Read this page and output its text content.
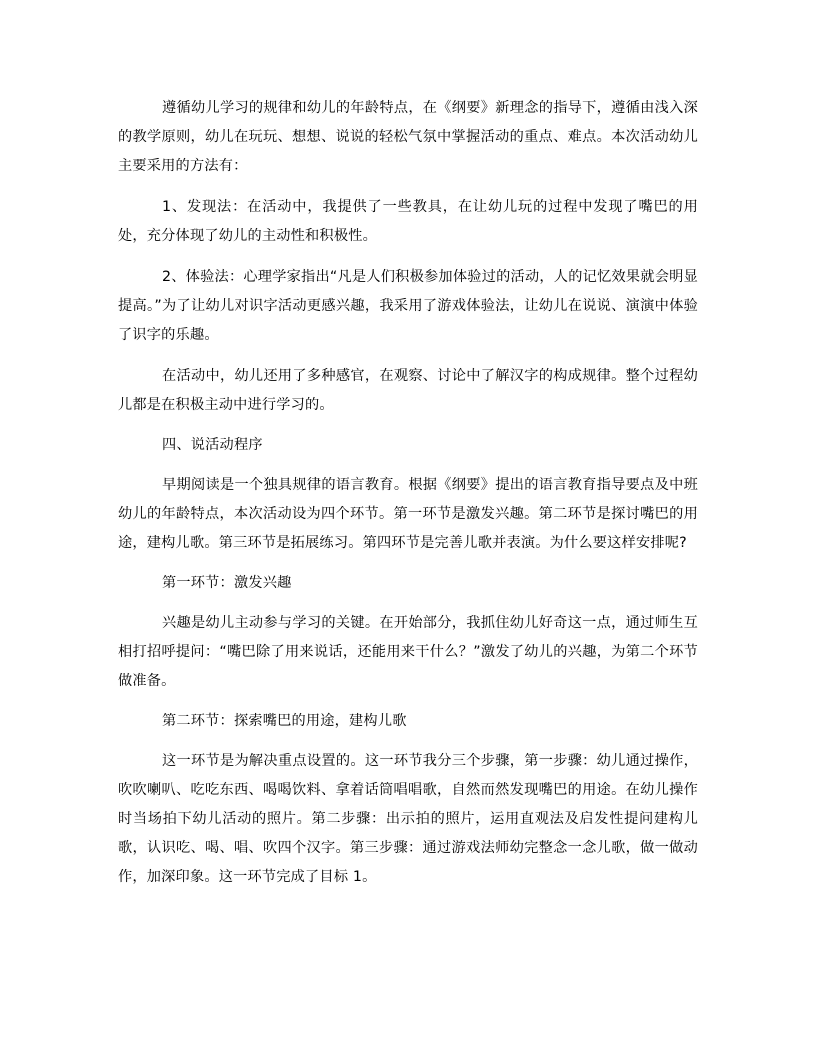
遵循幼儿学习的规律和幼儿的年龄特点，在《纲要》新理念的指导下，遵循由浅入深的教学原则，幼儿在玩玩、想想、说说的轻松气氛中掌握活动的重点、难点。本次活动幼儿主要采用的方法有：

1、发现法：在活动中，我提供了一些教具，在让幼儿玩的过程中发现了嘴巴的用处，充分体现了幼儿的主动性和积极性。

2、体验法：心理学家指出“凡是人们积极参加体验过的活动，人的记忆效果就会明显提高。”为了让幼儿对识字活动更感兴趣，我采用了游戏体验法，让幼儿在说说、演演中体验了识字的乐趣。

在活动中，幼儿还用了多种感官，在观察、讨论中了解汉字的构成规律。整个过程幼儿都是在积极主动中进行学习的。

四、说活动程序

早期阅读是一个独具规律的语言教育。根据《纲要》提出的语言教育指导要点及中班幼儿的年龄特点，本次活动设为四个环节。第一环节是激发兴趣。第二环节是探讨嘴巴的用途，建构儿歌。第三环节是拓展练习。第四环节是完善儿歌并表演。为什么要这样安排呢?

第一环节：激发兴趣

兴趣是幼儿主动参与学习的关键。在开始部分，我抓住幼儿好奇这一点，通过师生互相打招呼提问：“嘴巴除了用来说话，还能用来干什么？”激发了幼儿的兴趣，为第二个环节做准备。

第二环节：探索嘴巴的用途，建构儿歌

这一环节是为解决重点设置的。这一环节我分三个步骤，第一步骤：幼儿通过操作，吹吹喇叭、吃吃东西、喝喝饮料、拿着话筒唱唱歌，自然而然发现嘴巴的用途。在幼儿操作时当场拍下幼儿活动的照片。第二步骤：出示拍的照片，运用直观法及启发性提问建构儿歌，认识吃、喝、唱、吹四个汉字。第三步骤：通过游戏法师幼完整念一念儿歌，做一做动作，加深印象。这一环节完成了目标 1。
